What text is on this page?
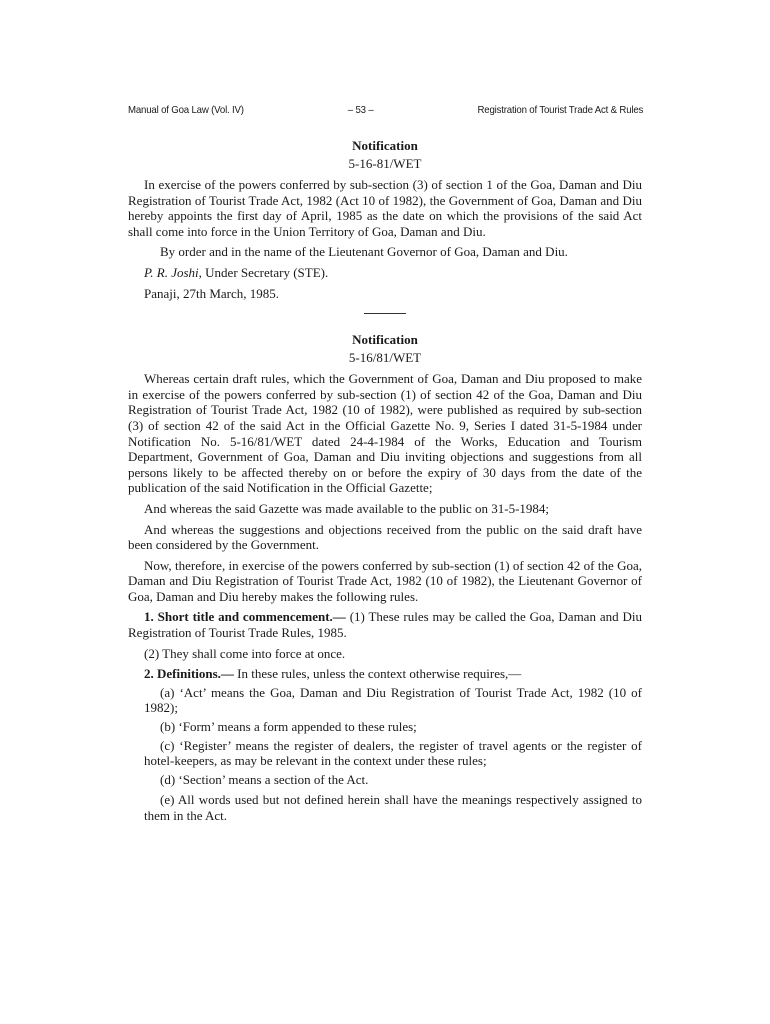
Manual of Goa Law (Vol. IV)	– 53 –	Registration of Tourist Trade Act & Rules
Notification
5-16-81/WET

In exercise of the powers conferred by sub-section (3) of section 1 of the Goa, Daman and Diu Registration of Tourist Trade Act, 1982 (Act 10 of 1982), the Government of Goa, Daman and Diu hereby appoints the first day of April, 1985 as the date on which the provisions of the said Act shall come into force in the Union Territory of Goa, Daman and Diu.

By order and in the name of the Lieutenant Governor of Goa, Daman and Diu.

P. R. Joshi, Under Secretary (STE).

Panaji, 27th March, 1985.

Notification
5-16/81/WET

Whereas certain draft rules, which the Government of Goa, Daman and Diu proposed to make in exercise of the powers conferred by sub-section (1) of section 42 of the Goa, Daman and Diu Registration of Tourist Trade Act, 1982 (10 of 1982), were published as required by sub-section (3) of section 42 of the said Act in the Official Gazette No. 9, Series I dated 31-5-1984 under Notification No. 5-16/81/WET dated 24-4-1984 of the Works, Education and Tourism Department, Government of Goa, Daman and Diu inviting objections and suggestions from all persons likely to be affected thereby on or before the expiry of 30 days from the date of the publication of the said Notification in the Official Gazette;

And whereas the said Gazette was made available to the public on 31-5-1984;

And whereas the suggestions and objections received from the public on the said draft have been considered by the Government.

Now, therefore, in exercise of the powers conferred by sub-section (1) of section 42 of the Goa, Daman and Diu Registration of Tourist Trade Act, 1982 (10 of 1982), the Lieutenant Governor of Goa, Daman and Diu hereby makes the following rules.

1. Short title and commencement.— (1) These rules may be called the Goa, Daman and Diu Registration of Tourist Trade Rules, 1985.

(2) They shall come into force at once.

2. Definitions.— In these rules, unless the context otherwise requires,—

(a) ‘Act’ means the Goa, Daman and Diu Registration of Tourist Trade Act, 1982 (10 of 1982);

(b) ‘Form’ means a form appended to these rules;

(c) ‘Register’ means the register of dealers, the register of travel agents or the register of hotel-keepers, as may be relevant in the context under these rules;

(d) ‘Section’ means a section of the Act.

(e) All words used but not defined herein shall have the meanings respectively assigned to them in the Act.
